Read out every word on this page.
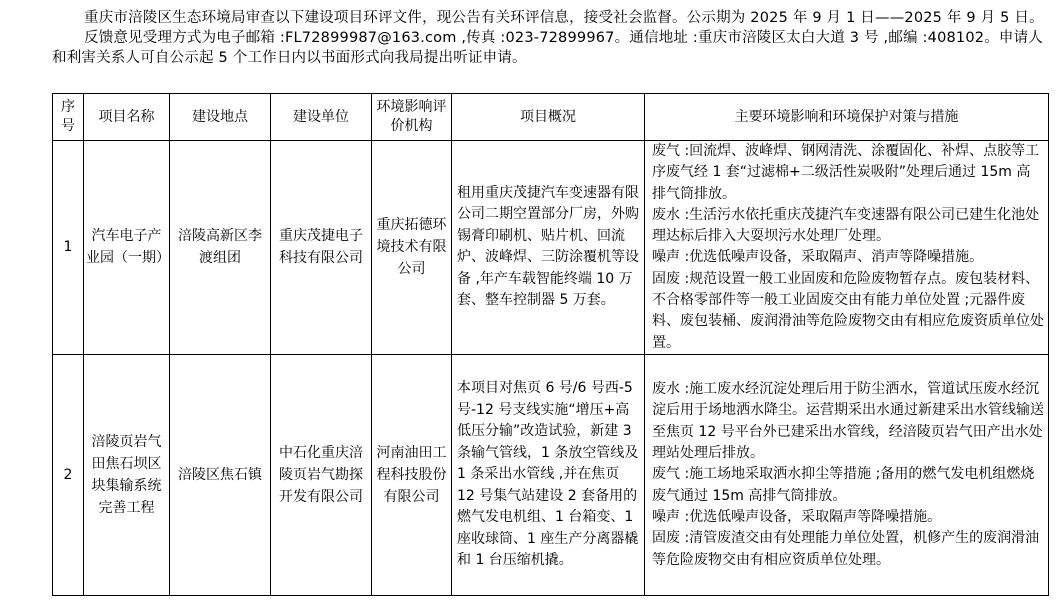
重庆市涪陵区生态环境局审查以下建设项目环评文件，现公告有关环评信息，接受社会监督。公示期为 2025 年 9 月 1 日——2025 年 9 月 5 日。

反馈意见受理方式为电子邮箱 :FL72899987@163.com ,传真 :023-72899967。通信地址 :重庆市涪陵区太白大道 3 号 ,邮编 :408102。申请人和利害关系人可自公示起 5 个工作日内以书面形式向我局提出听证申请。

序号	项目名称	建设地点	建设单位	环境影响评价机构	项目概况	主要环境影响和环境保护对策与措施
1	汽车电子产业园（一期）	涪陵高新区李渡组团	重庆茂捷电子科技有限公司	重庆拓德环境技术有限公司	租用重庆茂捷汽车变速器有限公司二期空置部分厂房，外购锡膏印刷机、贴片机、回流炉、波峰焊、三防涂覆机等设备 ,年产车载智能终端 10 万套、整车控制器 5 万套。	废气 :回流焊、波峰焊、钢网清洗、涂覆固化、补焊、点胶等工序废气经 1 套“过滤棉+二级活性炭吸附”处理后通过 15m 高排气筒排放。
废水 :生活污水依托重庆茂捷汽车变速器有限公司已建生化池处理达标后排入大耍坝污水处理厂处理。
噪声 :优选低噪声设备，采取隔声、消声等降噪措施。
固废 :规范设置一般工业固废和危险废物暂存点。废包装材料、不合格零部件等一般工业固废交由有能力单位处置 ;元器件废料、废包装桶、废润滑油等危险废物交由有相应危废资质单位处置。

2	涪陵页岩气田焦石坝区块集输系统完善工程	涪陵区焦石镇	中石化重庆涪陵页岩气勘探开发有限公司	河南油田工程科技股份有限公司	本项目对焦页 6 号/6 号西-5 号-12 号支线实施“增压+高低压分输”改造试验，新建 3 条输气管线，1 条放空管线及 1 条采出水管线 ,并在焦页 12 号集气站建设 2 套备用的燃气发电机组、1 台箱变、1 座收球筒、1 座生产分离器橇和 1 台压缩机撬。	废水 :施工废水经沉淀处理后用于防尘洒水，管道试压废水经沉淀后用于场地洒水降尘。运营期采出水通过新建采出水管线输送至焦页 12 号平台外已建采出水管线，经涪陵页岩气田产出水处理站处理后排放。
废气 :施工场地采取洒水抑尘等措施 ;备用的燃气发电机组燃烧废气通过 15m 高排气筒排放。
噪声 :优选低噪声设备，采取隔声等降噪措施。
固废 :清管废渣交由有处理能力单位处置，机修产生的废润滑油等危险废物交由有相应资质单位处理。
